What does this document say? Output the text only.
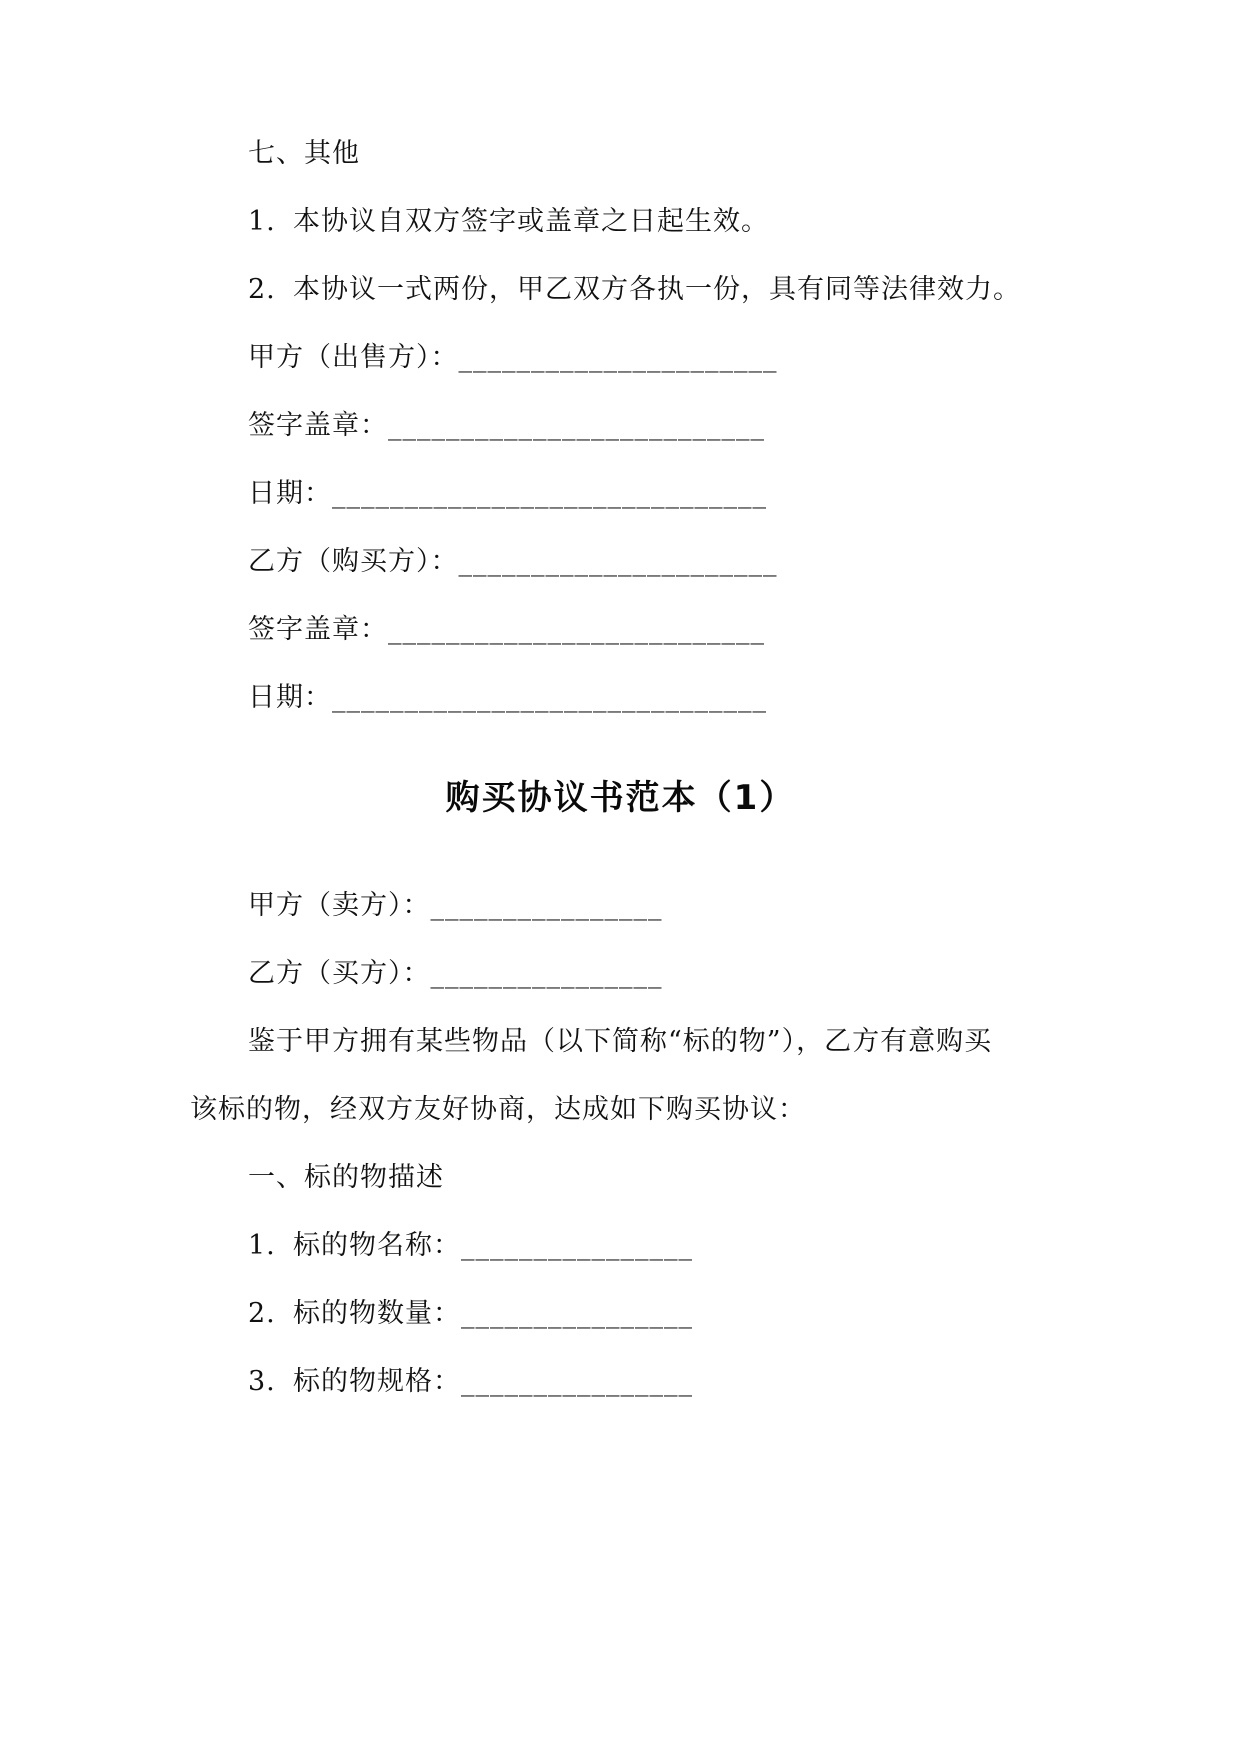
七、其他
1. 本协议自双方签字或盖章之日起生效。
2. 本协议一式两份，甲乙双方各执一份，具有同等法律效力。
甲方（出售方）：______________________
签字盖章：__________________________
日期：______________________________
乙方（购买方）：______________________
签字盖章：__________________________
日期：______________________________
购买协议书范本（1）
甲方（卖方）：________________
乙方（买方）：________________
鉴于甲方拥有某些物品（以下简称“标的物”），乙方有意购买
该标的物，经双方友好协商，达成如下购买协议：
一、标的物描述
1. 标的物名称：________________
2. 标的物数量：________________
3. 标的物规格：________________
